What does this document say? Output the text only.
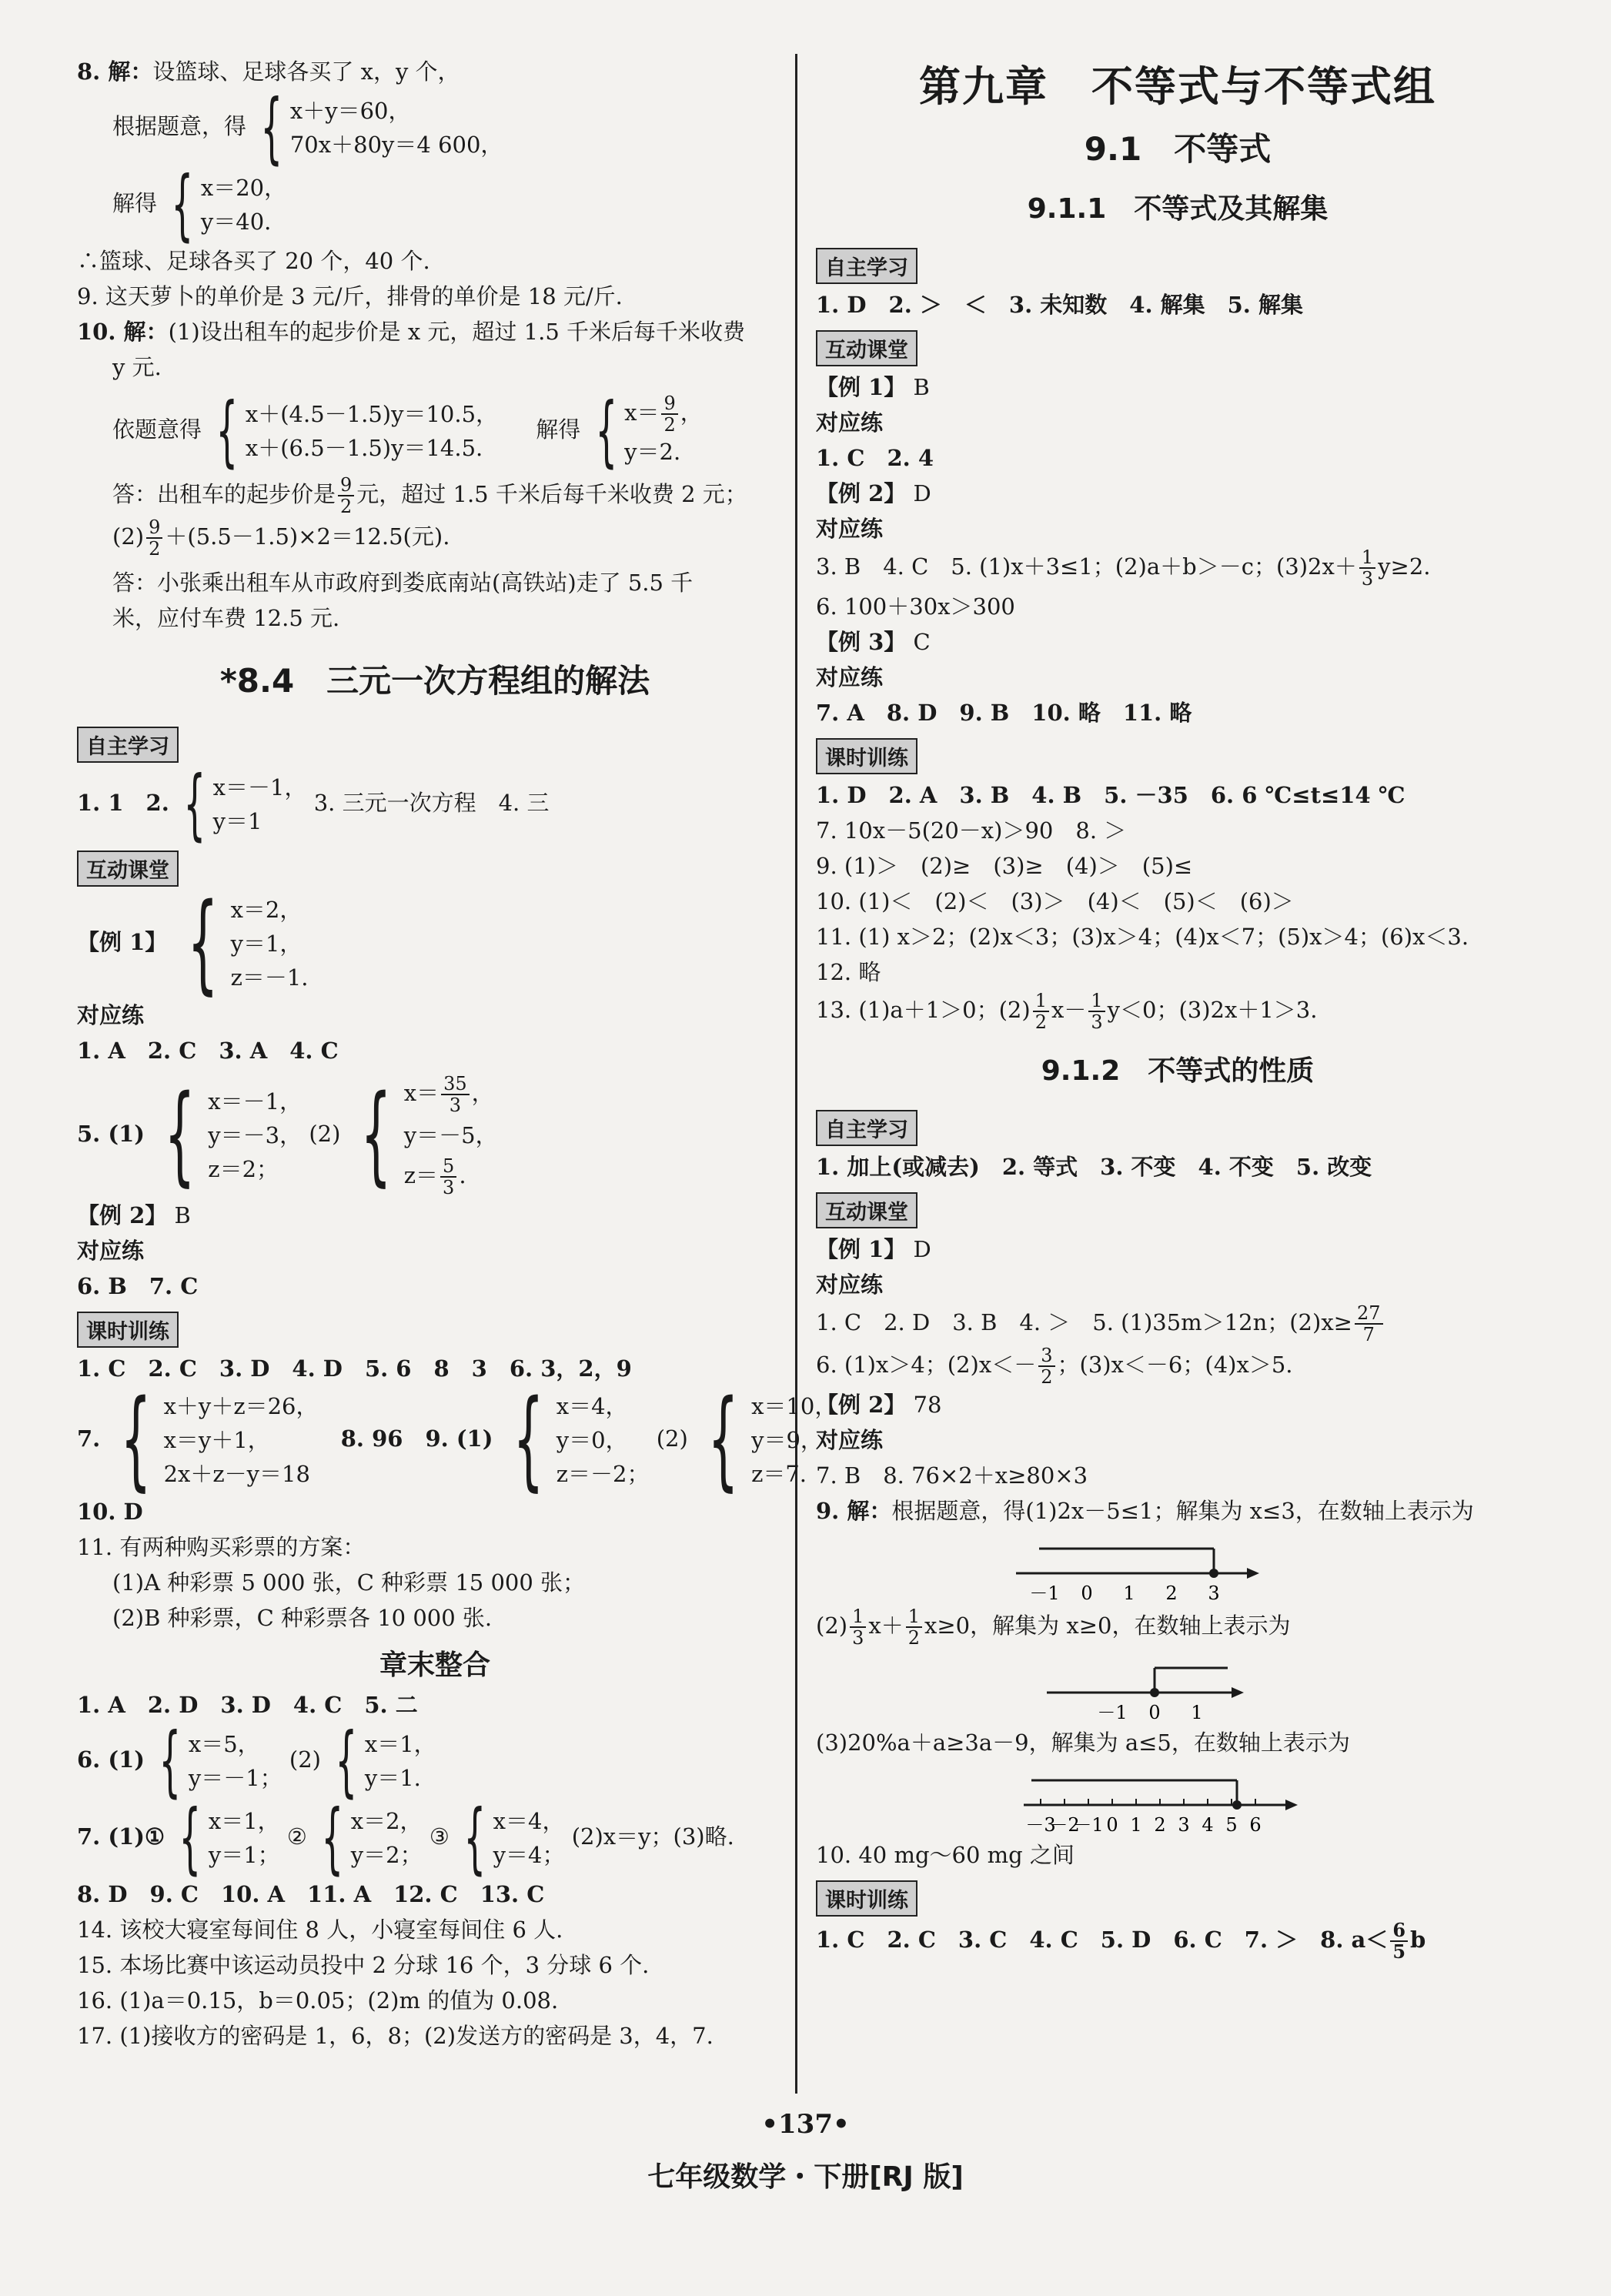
8. 解：设篮球、足球各买了 x，y 个，
根据题意，得 { x＋y＝60，
70x＋80y＝4 600，
解得 { x＝20，
y＝40.
∴篮球、足球各买了 20 个，40 个.
9. 这天萝卜的单价是 3 元/斤，排骨的单价是 18 元/斤.
10. 解：(1)设出租车的起步价是 x 元，超过 1.5 千米后每千米收费
y 元.
依题意得 { x＋(4.5－1.5)y＝10.5，
x＋(6.5－1.5)y＝14.5.
解得 { $x= \frac{9}{2}$ ，
y＝2.
答：出租车的起步价是 $\frac{9}{2}$ 元，超过 1.5 千米后每千米收费 2 元；
$(2) \frac{9}{2} +(5.5-1.5)\times 2=12.5$(元).
答：小张乘出租车从市政府到娄底南站(高铁站)走了 5.5 千
米，应付车费 12.5 元.
*8.4　三元一次方程组的解法
自主学习
1. 1　2. { x＝－1，
y＝1
3. 三元一次方程　4. 三
互动课堂
【例 1】 { x＝2，
y＝1，
z＝－1.
对应练
1. A　2. C　3. A　4. C
5. (1) { x＝－1，
y＝－3，
z＝2；
(2) { $x= \frac{35}{3}$ ，
y＝－5，
$z= \frac{5}{3}$ .
【例 2】 B
对应练
6. B　7. C
课时训练
1. C　2. C　3. D　4. D　5. 6　8　3　6. 3，2，9
7. { x＋y＋z＝26，
x＝y＋1，
2x＋z－y＝18
8. 96　9. (1) { x＝4，
y＝0，
z＝－2；
(2) { x＝10，
y＝9，
z＝7.
10. D
11. 有两种购买彩票的方案：
(1)A 种彩票 5 000 张，C 种彩票 15 000 张；
(2)B 种彩票，C 种彩票各 10 000 张.
章末整合
1. A　2. D　3. D　4. C　5. 二
6. (1) { x＝5，
y＝－1；
(2) { x＝1，
y＝1.
7. (1)① { x＝1，
y＝1；
② { x＝2，
y＝2；
③ { x＝4，
y＝4；
(2)x＝y；(3)略.
8. D　9. C　10. A　11. A　12. C　13. C
14. 该校大寝室每间住 8 人，小寝室每间住 6 人.
15. 本场比赛中该运动员投中 2 分球 16 个，3 分球 6 个.
16. (1)a＝0.15，b＝0.05；(2)m 的值为 0.08.
17. (1)接收方的密码是 1，6，8；(2)发送方的密码是 3，4，7.
第九章　不等式与不等式组
9.1　不等式
9.1.1　不等式及其解集
自主学习
1. D　2. ＞　＜　3. 未知数　4. 解集　5. 解集
互动课堂
【例 1】 B
对应练
1. C　2. 4
【例 2】 D
对应练
3. B　4. C　5. (1)x＋3≤1；(2)a＋b＞－c；$(3)2x+ \frac{1}{3} y\ge 2$.
6. 100＋30x＞300
【例 3】 C
对应练
7. A　8. D　9. B　10. 略　11. 略
课时训练
1. D　2. A　3. B　4. B　5. －35　6. 6 ℃≤t≤14 ℃
7. 10x－5(20－x)＞90　8. ＞
9. (1)＞　(2)≥　(3)≥　(4)＞　(5)≤
10. (1)＜　(2)＜　(3)＞　(4)＜　(5)＜　(6)＞
11. (1) x＞2；(2)x＜3；(3)x＞4；(4)x＜7；(5)x＞4；(6)x＜3.
12. 略
13. (1)a＋1＞0；$(2) \frac{1}{2} x- \frac{1}{3} y<0$；(3)2x＋1＞3.
9.1.2　不等式的性质
自主学习
1. 加上(或减去)　2. 等式　3. 不变　4. 不变　5. 改变
互动课堂
【例 1】 D
对应练
1. C　2. D　3. B　4. ＞　5. (1)35m＞12n；$(2)x\ge \frac{27}{7}$
6. (1)x＞4；$(2)x<- \frac{3}{2}$ ；(3)x＜－6；(4)x＞5.
【例 2】 78
对应练
7. B　8. 76×2＋x≥80×3
9. 解：根据题意，得(1)2x－5≤1；解集为 x≤3，在数轴上表示为
－1 0 1 2 3
$(2) \frac{1}{3} x+ \frac{1}{2} x\ge 0$，解集为 x≥0，在数轴上表示为
－1 0 1
(3)20%a＋a≥3a－9，解集为 a≤5，在数轴上表示为
－3
－2
－1 0 1 2 3 4 5 6
10. 40 mg～60 mg 之间
课时训练
1. C　2. C　3. C　4. C　5. D　6. C　7. ＞　8. $a< \frac{6}{5}$ b
•137•
七年级数学・下册[RJ 版]
